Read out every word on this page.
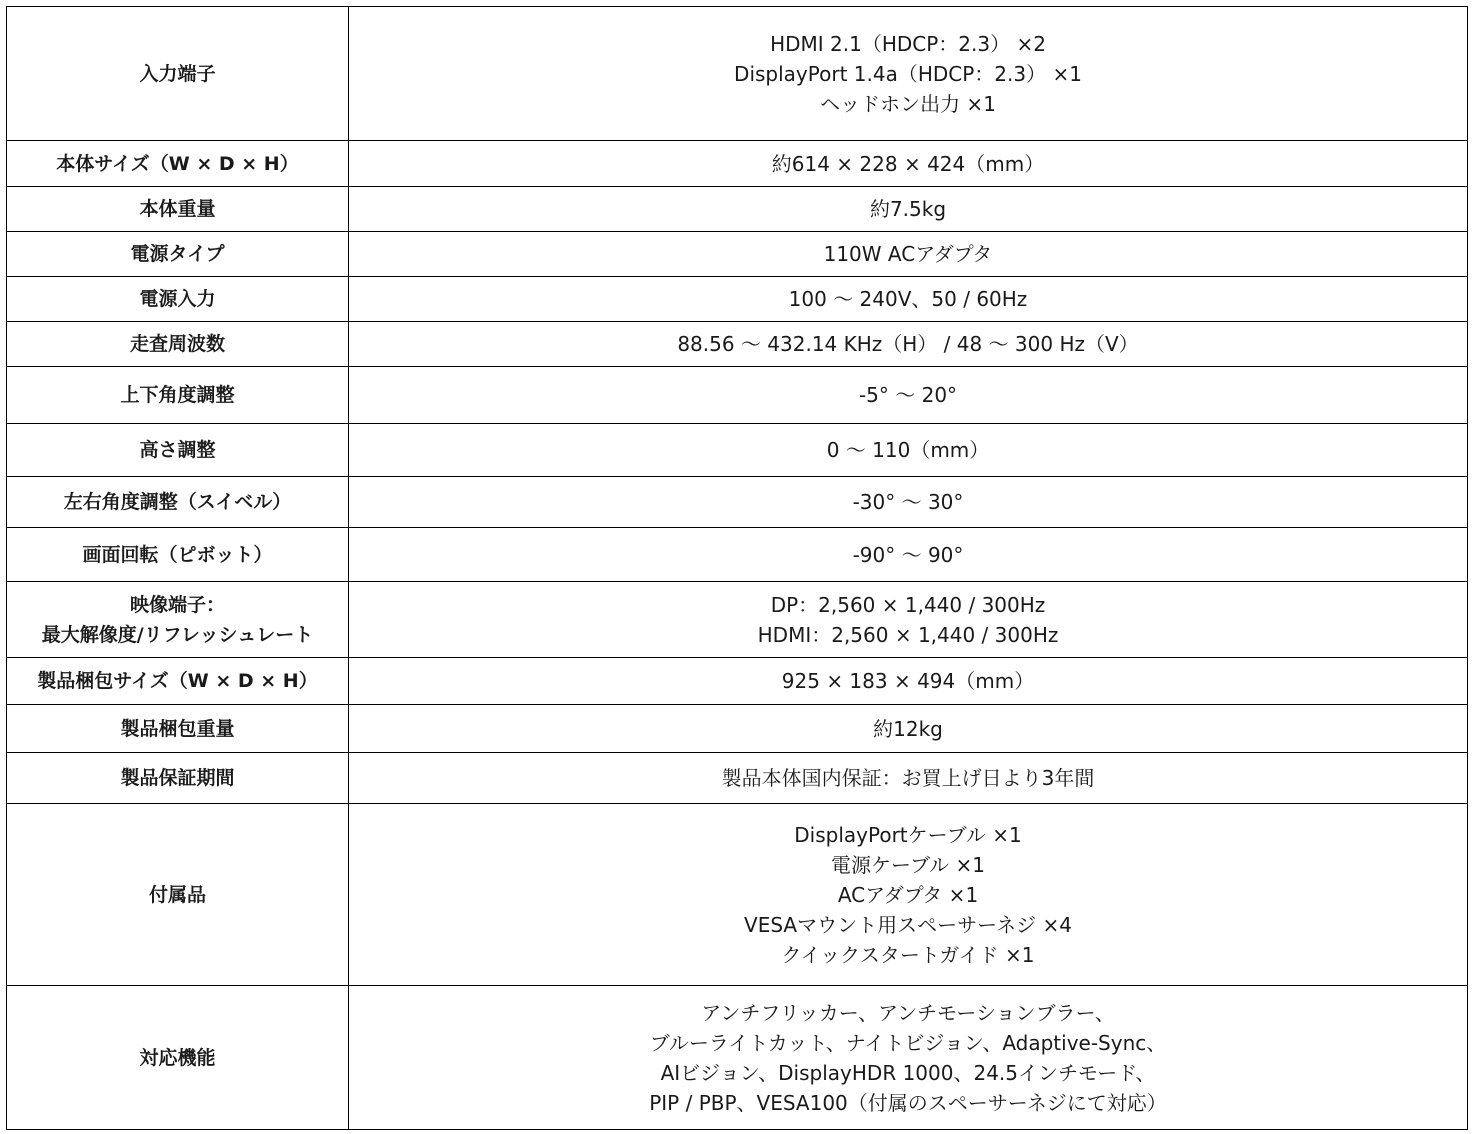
入力端子	HDMI 2.1（HDCP：2.3） ×2
DisplayPort 1.4a（HDCP：2.3） ×1
ヘッドホン出力 ×1

本体サイズ（W × D × H）	約614 × 228 × 424（mm）

本体重量	約7.5kg

電源タイプ	110W ACアダプタ

電源入力	100 ～ 240V、50 / 60Hz

走査周波数	88.56 ～ 432.14 KHz（H） / 48 ～ 300 Hz（V）

上下角度調整	-5° ～ 20°

高さ調整	0 ～ 110（mm）

左右角度調整（スイベル）	-30° ～ 30°

画面回転（ピボット）	-90° ～ 90°

映像端子：
最大解像度/リフレッシュレート	DP：2,560 × 1,440 / 300Hz
HDMI：2,560 × 1,440 / 300Hz

製品梱包サイズ（W × D × H）	925 × 183 × 494（mm）

製品梱包重量	約12kg

製品保証期間	製品本体国内保証：お買上げ日より3年間

付属品	DisplayPortケーブル ×1
電源ケーブル ×1
ACアダプタ ×1
VESAマウント用スペーサーネジ ×4
クイックスタートガイド ×1

対応機能	アンチフリッカー、アンチモーションブラー、
ブルーライトカット、ナイトビジョン、Adaptive-Sync、
AIビジョン、DisplayHDR 1000、24.5インチモード、
PIP / PBP、VESA100（付属のスペーサーネジにて対応）
